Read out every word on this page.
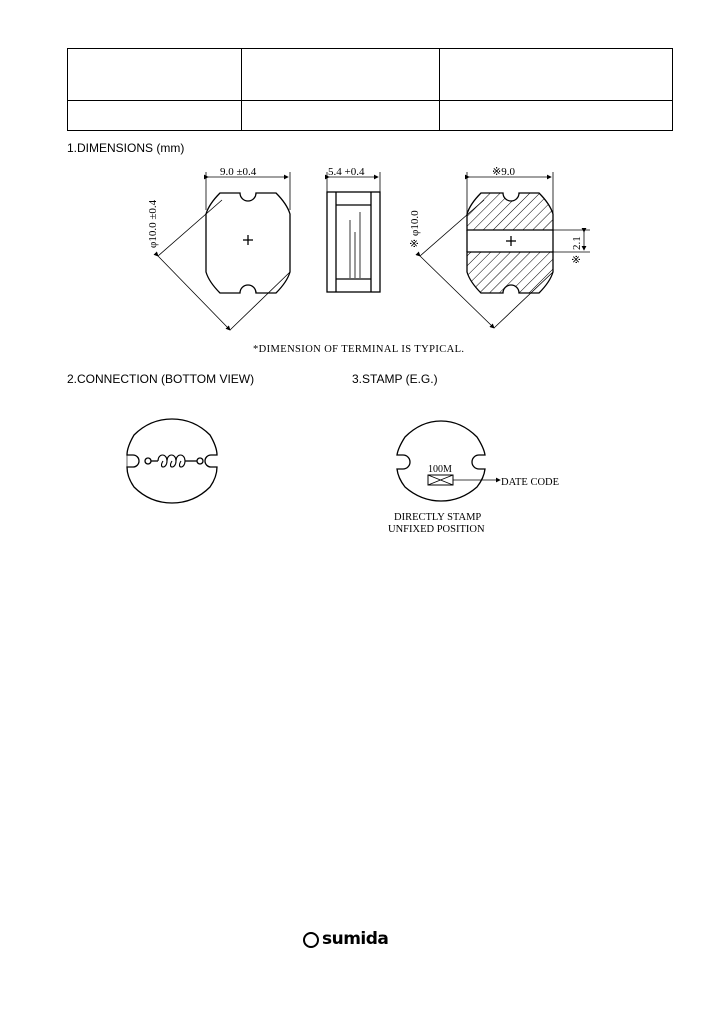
1.DIMENSIONS (mm)
2.CONNECTION (BOTTOM VIEW)	3.STAMP (E.G.)
9.0 ±0.4
φ10.0 ±0.4
5.4 +0.4	※9.0
※ φ10.0	2.1
※
*DIMENSION OF TERMINAL IS TYPICAL.
100M
DATE CODE
DIRECTLY STAMP
UNFIXED POSITION
sumida
